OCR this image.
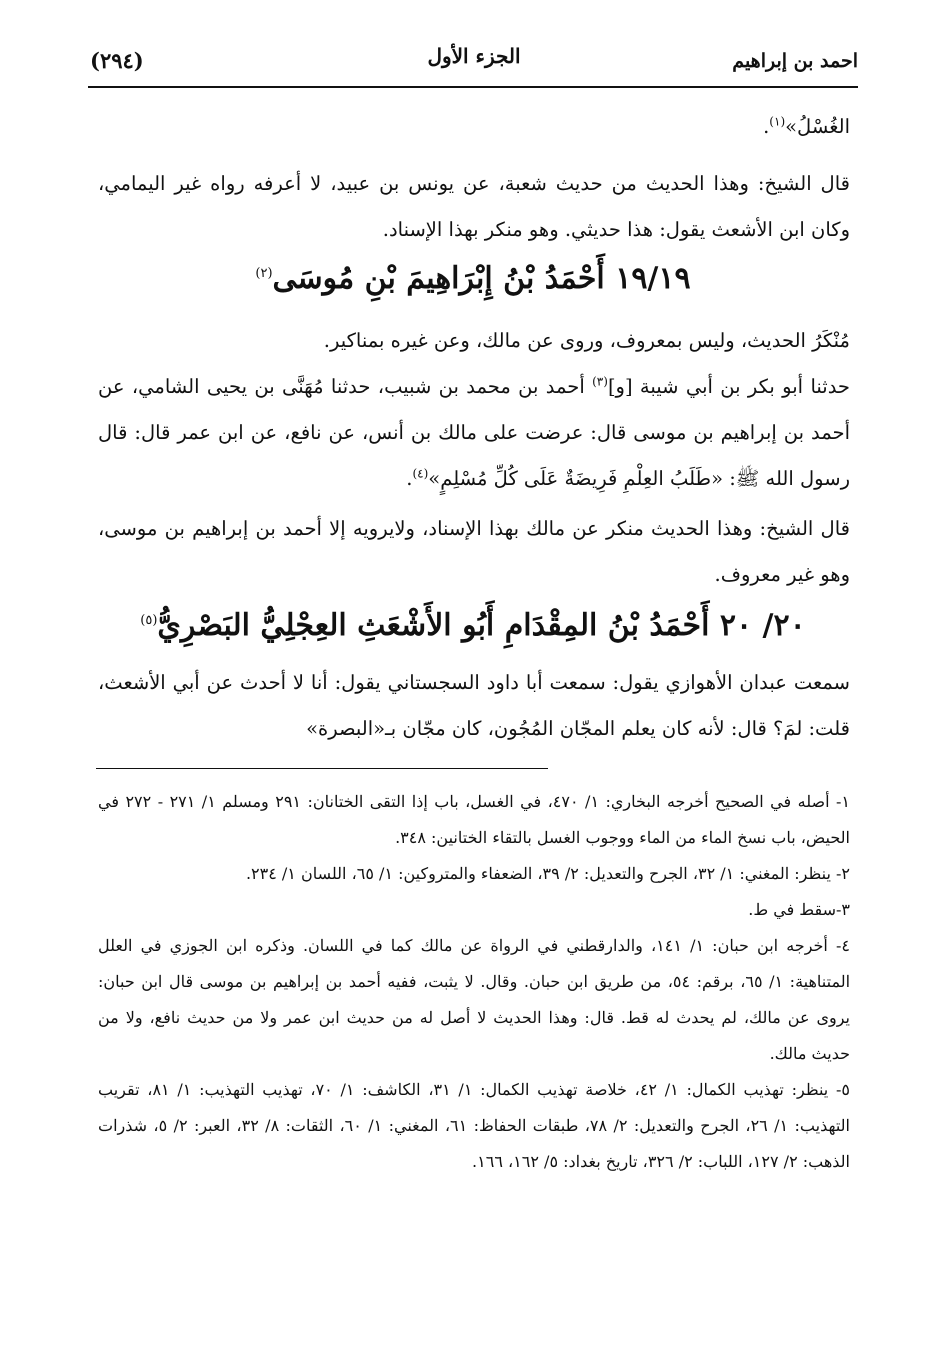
(٢٩٤)	الجزء الأول	احمد بن إبراهيم
الغُسْلُ»$^{(١)}$.
قال الشيخ: وهذا الحديث من حديث شعبة، عن يونس بن عبيد، لا أعرفه رواه غير اليمامي، وكان ابن الأشعث يقول: هذا حديثي. وهو منكر بهذا الإسناد.
١٩/١٩ أَحْمَدُ بْنُ إِبْرَاهِيمَ بْنِ مُوسَى$^{(٢)}$
مُنْكَرُ الحديث، وليس بمعروف، وروى عن مالك، وعن غيره بمناكير.
حدثنا أبو بكر بن أبي شيبة [و]$^{(٣)}$ أحمد بن محمد بن شبيب، حدثنا مُهَنَّى بن يحيى الشامي، عن أحمد بن إبراهيم بن موسى قال: عرضت على مالك بن أنس، عن نافع، عن ابن عمر قال: قال رسول الله ﷺ: «طَلَبُ العِلْمِ فَرِيضَةٌ عَلَى كُلِّ مُسْلِمٍ»$^{(٤)}$.
قال الشيخ: وهذا الحديث منكر عن مالك بهذا الإسناد، ولايرويه إلا أحمد بن إبراهيم بن موسى، وهو غير معروف.
٢٠/ ٢٠ أَحْمَدُ بْنُ المِقْدَامِ أَبُو الأَشْعَثِ العِجْلِيُّ البَصْرِيُّ$^{(٥)}$
سمعت عبدان الأهوازي يقول: سمعت أبا داود السجستاني يقول: أنا لا أحدث عن أبي الأشعث، قلت: لمَ؟ قال: لأنه كان يعلم المجّان المُجُون، كان مجّان بـ«البصرة»

١- أصله في الصحيح أخرجه البخاري: ١/ ٤٧٠، في الغسل، باب إذا التقى الختانان: ٢٩١ ومسلم ١/ ٢٧١ - ٢٧٢ في الحيض، باب نسخ الماء من الماء ووجوب الغسل بالتقاء الختانين: ٣٤٨.

٢- ينظر: المغني: ١/ ٣٢، الجرح والتعديل: ٢/ ٣٩، الضعفاء والمتروكين: ١/ ٦٥، اللسان ١/ ٢٣٤.

٣-سقط في ط.

٤- أخرجه ابن حبان: ١/ ١٤١، والدارقطني في الرواة عن مالك كما في اللسان. وذكره ابن الجوزي في العلل المتناهية: ١/ ٦٥، برقم: ٥٤، من طريق ابن حبان. وقال. لا يثبت، ففيه أحمد بن إبراهيم بن موسى قال ابن حبان: يروى عن مالك، لم يحدث له قط. قال: وهذا الحديث لا أصل له من حديث ابن عمر ولا من حديث نافع، ولا من حديث مالك.

٥- ينظر: تهذيب الكمال: ١/ ٤٢، خلاصة تهذيب الكمال: ١/ ٣١، الكاشف: ١/ ٧٠، تهذيب التهذيب: ١/ ٨١، تقريب التهذيب: ١/ ٢٦، الجرح والتعديل: ٢/ ٧٨، طبقات الحفاظ: ٦١، المغني: ١/ ٦٠، الثقات: ٨/ ٣٢، العبر: ٢/ ٥، شذرات الذهب: ٢/ ١٢٧، اللباب: ٢/ ٣٢٦، تاريخ بغداد: ٥/ ١٦٢، ١٦٦.
